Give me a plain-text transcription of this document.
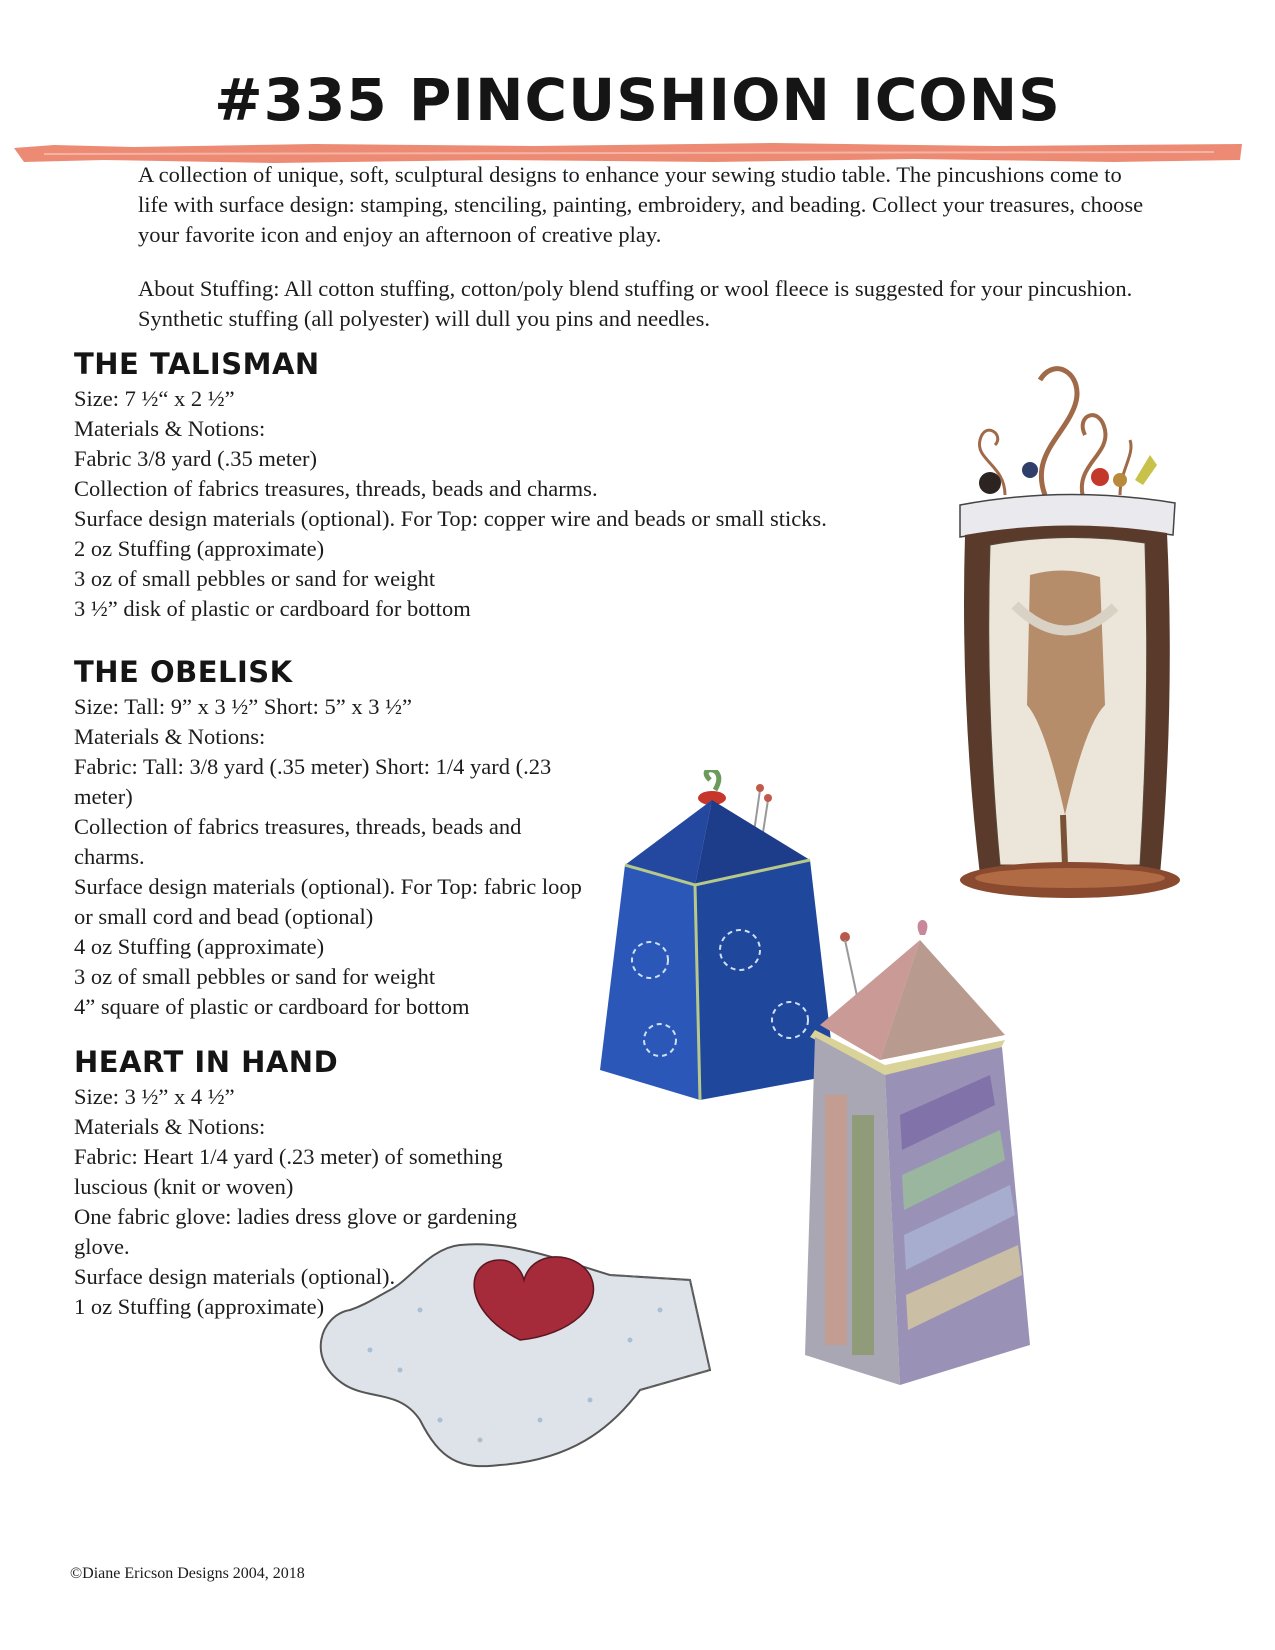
#335 PINCUSHION ICONS

A collection of unique, soft, sculptural designs to enhance your sewing studio table. The pincushions come to life with surface design: stamping, stenciling, painting, embroidery, and beading. Collect your treasures, choose your favorite icon and enjoy an afternoon of creative play.

About Stuffing: All cotton stuffing, cotton/poly blend stuffing or wool fleece is suggested for your pincushion. Synthetic stuffing (all polyester) will dull you pins and needles.

THE TALISMAN

Size: 7 ½“ x 2 ½”

Materials & Notions:

Fabric 3/8 yard (.35 meter)

Collection of fabrics treasures, threads, beads and charms.

Surface design materials (optional). For Top: copper wire and beads or small sticks.

2 oz Stuffing (approximate)

3 oz of small pebbles or sand for weight

3 ½” disk of plastic or cardboard for bottom

THE OBELISK

Size: Tall: 9” x 3 ½” Short: 5” x 3 ½”

Materials & Notions:

Fabric: Tall: 3/8 yard (.35 meter) Short: 1/4 yard (.23

meter)

Collection of fabrics treasures, threads, beads and

charms.

Surface design materials (optional). For Top: fabric loop

or small cord and bead (optional)

4 oz Stuffing (approximate)

3 oz of small pebbles or sand for weight

4” square of plastic or cardboard for bottom

HEART IN HAND

Size: 3 ½” x 4 ½”

Materials & Notions:

Fabric: Heart 1/4 yard (.23 meter) of something

luscious (knit or woven)

One fabric glove: ladies dress glove or gardening

glove.

Surface design materials (optional).

1 oz Stuffing (approximate)

©Diane Ericson Designs 2004, 2018
